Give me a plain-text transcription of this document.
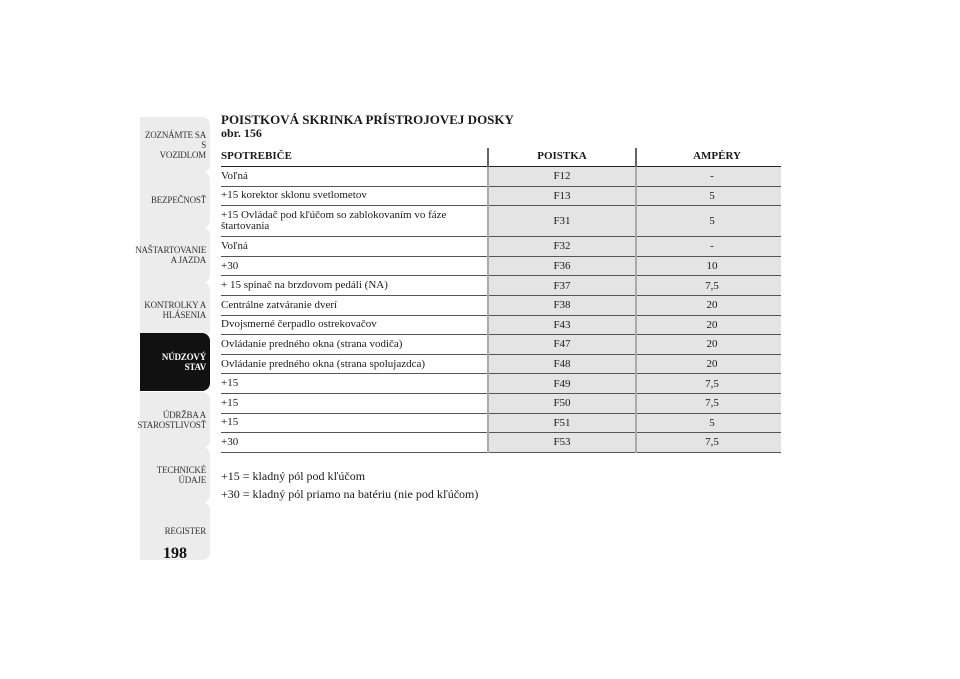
ZOZNÁMTE SA S
VOZIDLOM
BEZPEČNOSŤ
NAŠTARTOVANIE
A JAZDA
KONTROLKY A
HLÁSENIA
NÚDZOVÝ STAV
ÚDRŽBA A
STAROSTLIVOSŤ
TECHNICKÉ
ÚDAJE
REGISTER
198
POISTKOVÁ SKRINKA PRÍSTROJOVEJ DOSKY
obr. 156
SPOTREBIČE	POISTKA	AMPÉRY
Voľná	F12	-
+15 korektor sklonu svetlometov	F13	5
+15 Ovládač pod kľúčom so zablokovaním vo fáze štartovania	F31	5
Voľná	F32	-
+30	F36	10
+ 15 spínač na brzdovom pedáli (NA)	F37	7,5
Centrálne zatváranie dverí	F38	20
Dvojsmerné čerpadlo ostrekovačov	F43	20
Ovládanie predného okna (strana vodiča)	F47	20
Ovládanie predného okna (strana spolujazdca)	F48	20
+15	F49	7,5
+15	F50	7,5
+15	F51	5
+30	F53	7,5
+15 = kladný pól pod kľúčom
+30 = kladný pól priamo na batériu (nie pod kľúčom)
